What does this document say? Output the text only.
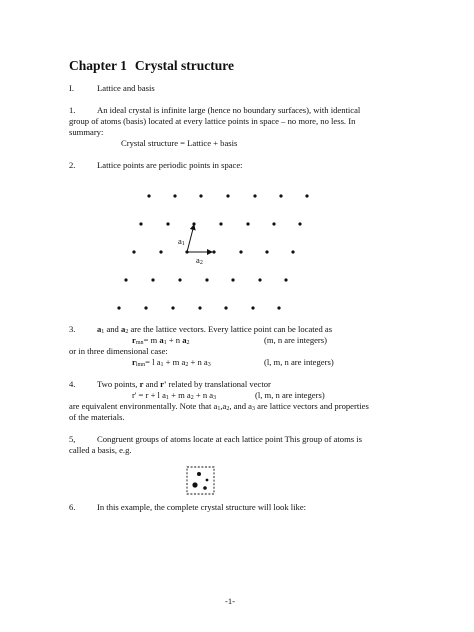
Chapter 1 Crystal structure
I.	Lattice and basis
1.	An ideal crystal is infinite large (hence no boundary surfaces), with identical
group of atoms (basis) located at every lattice points in space – no more, no less. In
summary:
Crystal structure = Lattice + basis
2.	Lattice points are periodic points in space:
$a_1$
$a_2$
3.	$a_1$ and $a_2$ are the lattice vectors. Every lattice point can be located as
$r_{mn}= m$ $a_1 + n$ $a_2$	(m, n are integers)
or in three dimensional case:
$r_{lmn}= l$ $a_1 + m$ $a_2 + n$ $a_3$	(l, m, n are integers)
4.	Two points, r and r' related by translational vector
r' = r + l $a_1 + m$ $a_2 + n$ $a_3$	(l, m, n are integers)
are equivalent environmentally. Note that $a_1,a_2$, and $a_3$ are lattice vectors and properties
of the materials.
5,	Congruent groups of atoms locate at each lattice point This group of atoms is
called a basis, e.g.
6.	In this example, the complete crystal structure will look like:
-1-
